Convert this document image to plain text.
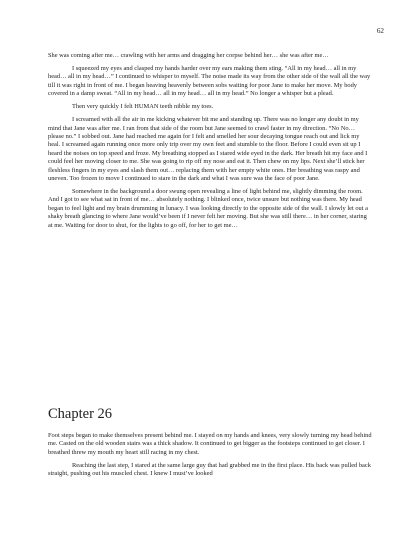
62

She was coming after me… crawling with her arms and dragging her corpse behind her… she was after me…

I squeezed my eyes and clasped my hands harder over my ears making them sting. “All in my head… all in my head… all in my head…” I continued to whisper to myself. The noise made its way from the other side of the wall all the way till it was right in front of me. I began heaving heavenly between sobs waiting for poor Jane to make her move. My body covered in a damp sweat. “All in my head… all in my head… all in my head.” No longer a whisper but a plead.

Then very quickly I felt HUMAN teeth nibble my toes.

I screamed with all the air in me kicking whatever bit me and standing up. There was no longer any doubt in my mind that Jane was after me. I ran from that side of the room but Jane seemed to crawl faster in my direction. “No No… please no.” I sobbed out. Jane had reached me again for I felt and smelled her sour decaying tongue reach out and lick my heal. I screamed again running once more only trip over my own feet and stumble to the floor. Before I could even sit up I heard the noises on top speed and froze. My breathing stopped as I stared wide eyed in the dark. Her breath hit my face and I could feel her moving closer to me. She was going to rip off my nose and eat it. Then chew on my lips. Next she’ll stick her fleshless fingers in my eyes and slash them out… replacing them with her empty white ones. Her breathing was raspy and uneven. Too frozen to move I continued to stare in the dark and what I was sure was the face of poor Jane.

Somewhere in the background a door swung open revealing a line of light behind me, slightly dimming the room. And I got to see what sat in front of me… absolutely nothing. I blinked once, twice unsure but nothing was there. My head began to feel light and my brain drumming in lunacy. I was looking directly to the opposite side of the wall. I slowly let out a shaky breath glancing to where Jane would’ve been if I never felt her moving. But she was still there… in her corner, staring at me. Waiting for door to shut, for the lights to go off, for her to get me…

Chapter 26

Foot steps began to make themselves present behind me. I stayed on my hands and knees, very slowly turning my head behind me. Casted on the old wooden stairs was a thick shadow. It continued to get bigger as the footsteps continued to get closer. I breathed threw my mouth my heart still racing in my chest.

Reaching the last step, I stared at the same large guy that had grabbed me in the first place. His back was pulled back straight, pushing out his muscled chest. I knew I must’ve looked
